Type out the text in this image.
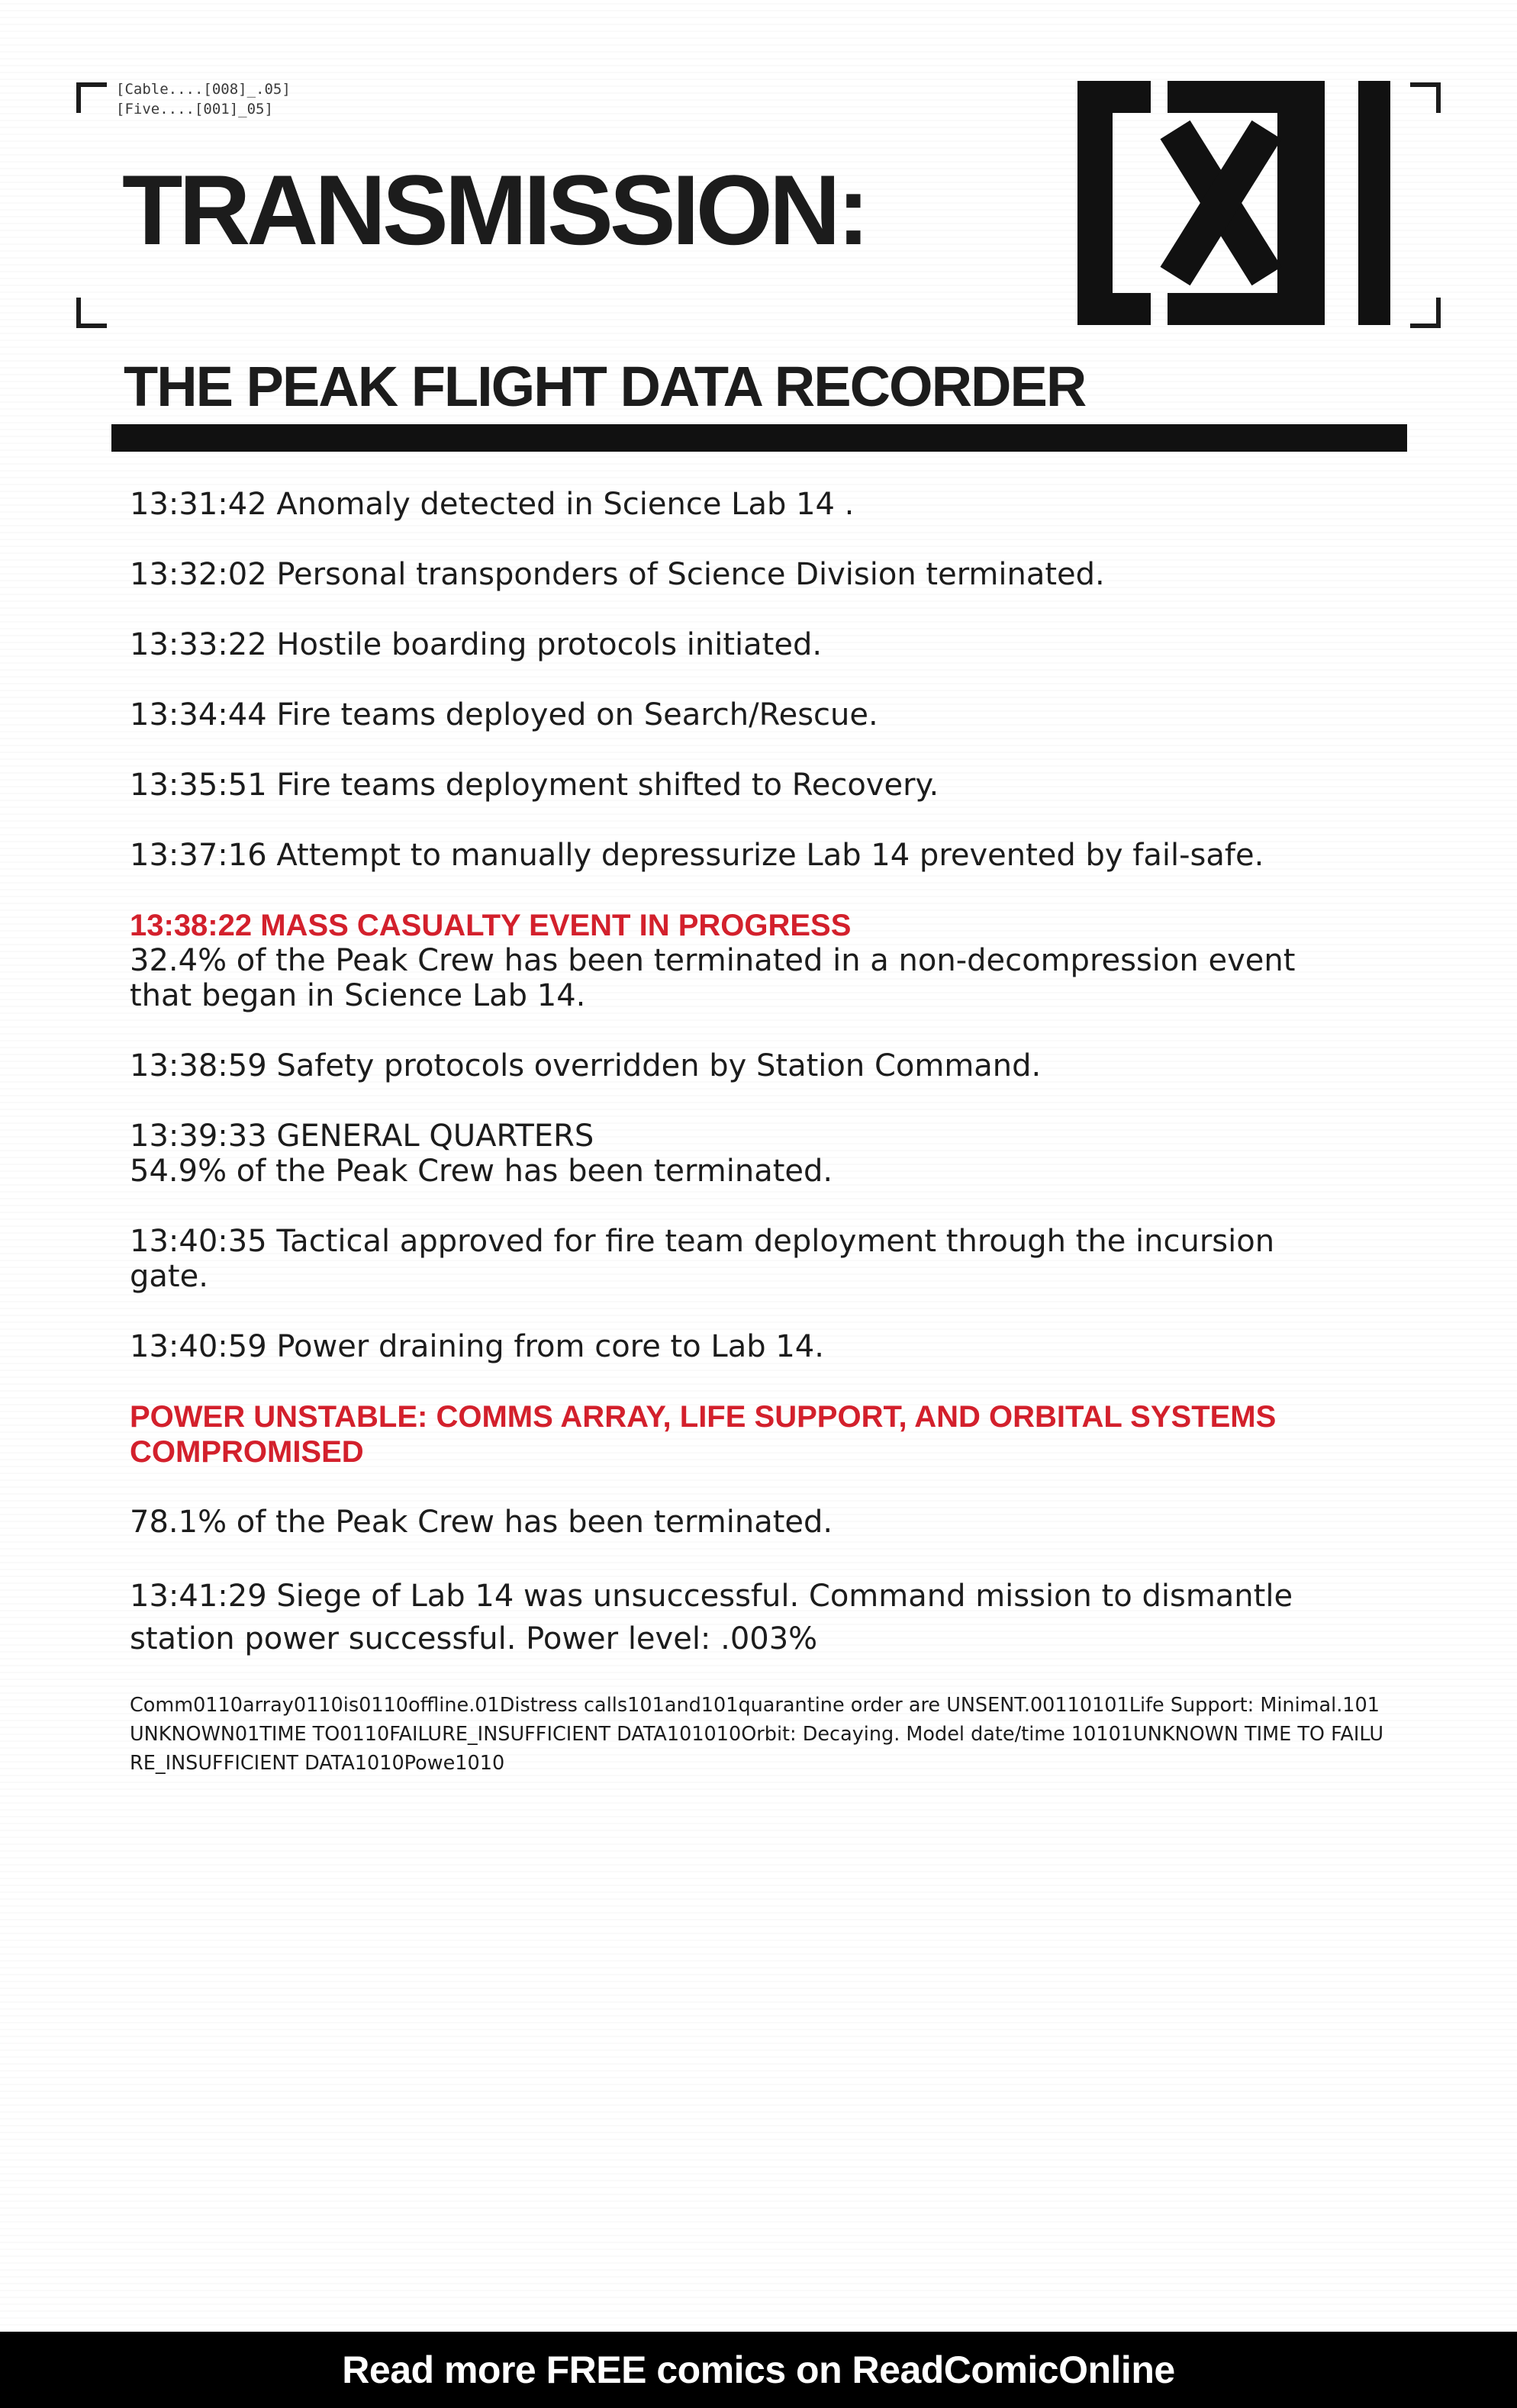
[Cable....[008]_.05]
[Five....[001]_05]
TRANSMISSION:
THE PEAK FLIGHT DATA RECORDER
13:31:42 Anomaly detected in Science Lab 14 .
13:32:02 Personal transponders of Science Division terminated.
13:33:22 Hostile boarding protocols initiated.
13:34:44 Fire teams deployed on Search/Rescue.
13:35:51 Fire teams deployment shifted to Recovery.
13:37:16 Attempt to manually depressurize Lab 14 prevented by fail-safe.
13:38:22 MASS CASUALTY EVENT IN PROGRESS
32.4% of the Peak Crew has been terminated in a non-decompression event
that began in Science Lab 14.
13:38:59 Safety protocols overridden by Station Command.
13:39:33 GENERAL QUARTERS
54.9% of the Peak Crew has been terminated.
13:40:35 Tactical approved for fire team deployment through the incursion
gate.
13:40:59 Power draining from core to Lab 14.
POWER UNSTABLE: COMMS ARRAY, LIFE SUPPORT, AND ORBITAL SYSTEMS
COMPROMISED
78.1% of the Peak Crew has been terminated.
13:41:29 Siege of Lab 14 was unsuccessful. Command mission to dismantle
station power successful. Power level: .003%
Comm0110array0110is0110offline.01Distress calls101and101quarantine order are UNSENT.00110101Life Support: Minimal.101UNKNOWN01TIME TO0110FAILURE_INSUFFICIENT DATA101010Orbit: Decaying. Model date/time 10101UNKNOWN TIME TO FAILURE_INSUFFICIENT DATA1010Powe1010
Read more FREE comics on ReadComicOnline
